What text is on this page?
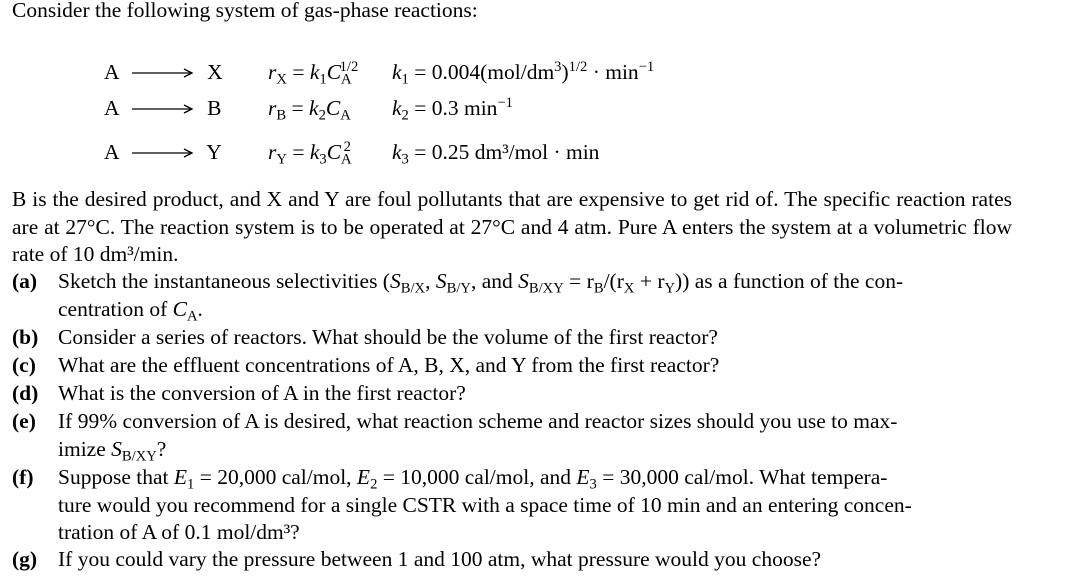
Consider the following system of gas-phase reactions:
A → X $r_X = k_1C_A^{1/2}$ $k_1 = 0.004(mol/dm^3)^{1/2} \cdot \min^{-1}$
A → B $r_B = k_2C_A$ $k_2 = 0.3$ $\min^{-1}$
A → Y $r_Y = k_3C_A^2$ $k_3 = 0.25$ dm³/mol · min
B is the desired product, and X and Y are foul pollutants that are expensive to get rid of. The specific reaction rates are at 27°C. The reaction system is to be operated at 27°C and 4 atm. Pure A enters the system at a volumetric flow rate of 10 dm³/min.
(a) Sketch the instantaneous selectivities ($S_{B/X}$, $S_{B/Y}$, and $S_{B/XY} = r_B/(r_X + r_Y)$) as a function of the con-
centration of $C_A$.
(b) Consider a series of reactors. What should be the volume of the first reactor?
(c) What are the effluent concentrations of A, B, X, and Y from the first reactor?
(d) What is the conversion of A in the first reactor?
(e) If 99% conversion of A is desired, what reaction scheme and reactor sizes should you use to max-
imize $S_{B/XY}$?
(f) Suppose that $E_1 = 20,000$ cal/mol, $E_2 = 10,000$ cal/mol, and $E_3 = 30,000$ cal/mol. What tempera-
ture would you recommend for a single CSTR with a space time of 10 min and an entering concen-
tration of A of 0.1 mol/dm³?
(g) If you could vary the pressure between 1 and 100 atm, what pressure would you choose?
